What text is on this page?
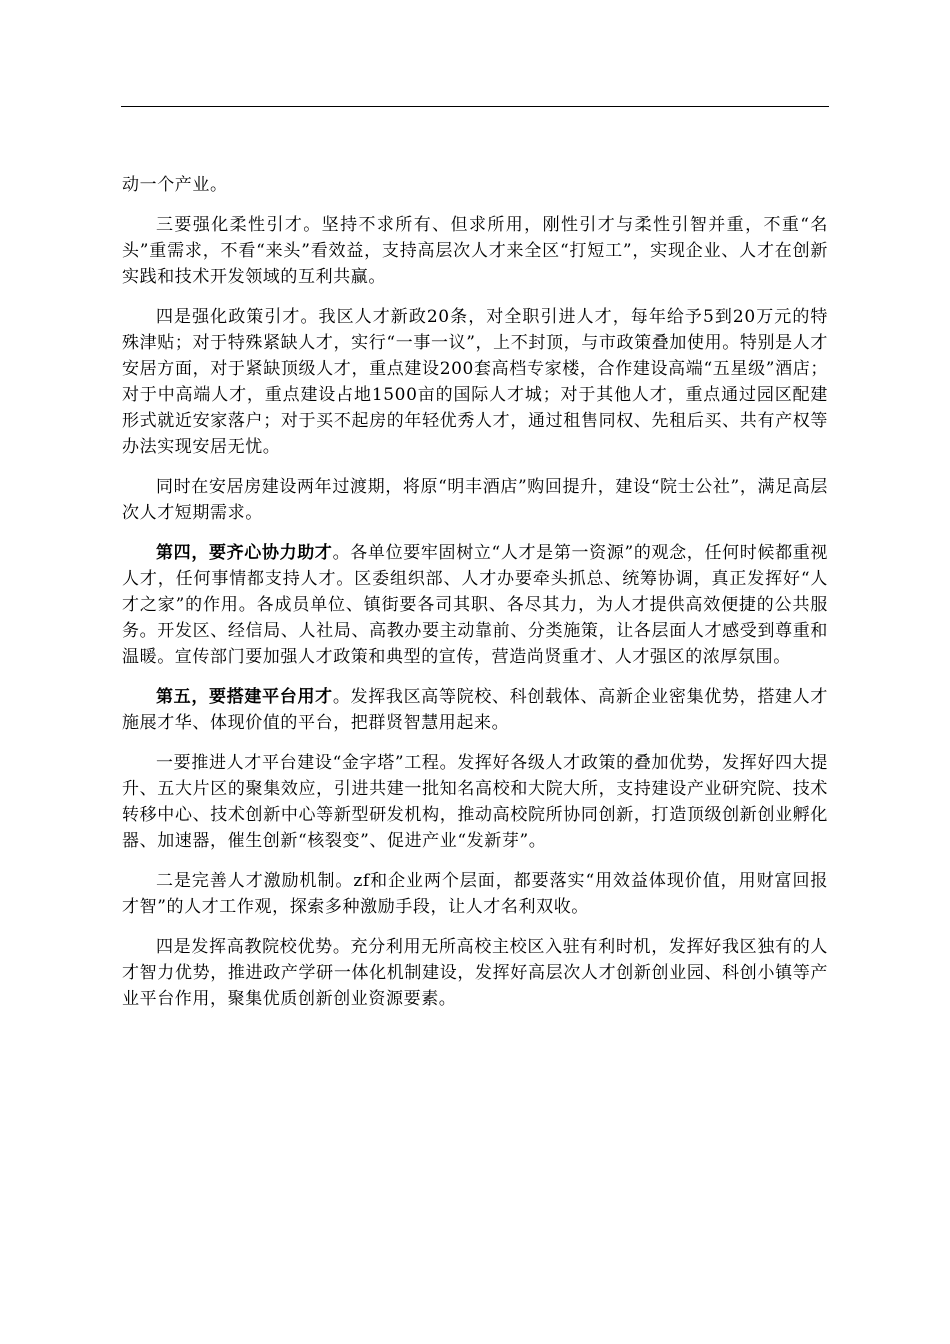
动一个产业。

三要强化柔性引才。坚持不求所有、但求所用，刚性引才与柔性引智并重，不重“名头”重需求，不看“来头”看效益，支持高层次人才来全区“打短工”，实现企业、人才在创新实践和技术开发领域的互利共赢。

四是强化政策引才。我区人才新政20条，对全职引进人才，每年给予5到20万元的特殊津贴；对于特殊紧缺人才，实行“一事一议”，上不封顶，与市政策叠加使用。特别是人才安居方面，对于紧缺顶级人才，重点建设200套高档专家楼，合作建设高端“五星级”酒店；对于中高端人才，重点建设占地1500亩的国际人才城；对于其他人才，重点通过园区配建形式就近安家落户；对于买不起房的年轻优秀人才，通过租售同权、先租后买、共有产权等办法实现安居无忧。

同时在安居房建设两年过渡期，将原“明丰酒店”购回提升，建设“院士公社”，满足高层次人才短期需求。

第四，要齐心协力助才。各单位要牢固树立“人才是第一资源”的观念，任何时候都重视人才，任何事情都支持人才。区委组织部、人才办要牵头抓总、统筹协调，真正发挥好“人才之家”的作用。各成员单位、镇街要各司其职、各尽其力，为人才提供高效便捷的公共服务。开发区、经信局、人社局、高教办要主动靠前、分类施策，让各层面人才感受到尊重和温暖。宣传部门要加强人才政策和典型的宣传，营造尚贤重才、人才强区的浓厚氛围。

第五，要搭建平台用才。发挥我区高等院校、科创载体、高新企业密集优势，搭建人才施展才华、体现价值的平台，把群贤智慧用起来。

一要推进人才平台建设“金字塔”工程。发挥好各级人才政策的叠加优势，发挥好四大提升、五大片区的聚集效应，引进共建一批知名高校和大院大所，支持建设产业研究院、技术转移中心、技术创新中心等新型研发机构，推动高校院所协同创新，打造顶级创新创业孵化器、加速器，催生创新“核裂变”、促进产业“发新芽”。

二是完善人才激励机制。zf和企业两个层面，都要落实“用效益体现价值，用财富回报才智”的人才工作观，探索多种激励手段，让人才名利双收。

四是发挥高教院校优势。充分利用无所高校主校区入驻有利时机，发挥好我区独有的人才智力优势，推进政产学研一体化机制建设，发挥好高层次人才创新创业园、科创小镇等产业平台作用，聚集优质创新创业资源要素。
